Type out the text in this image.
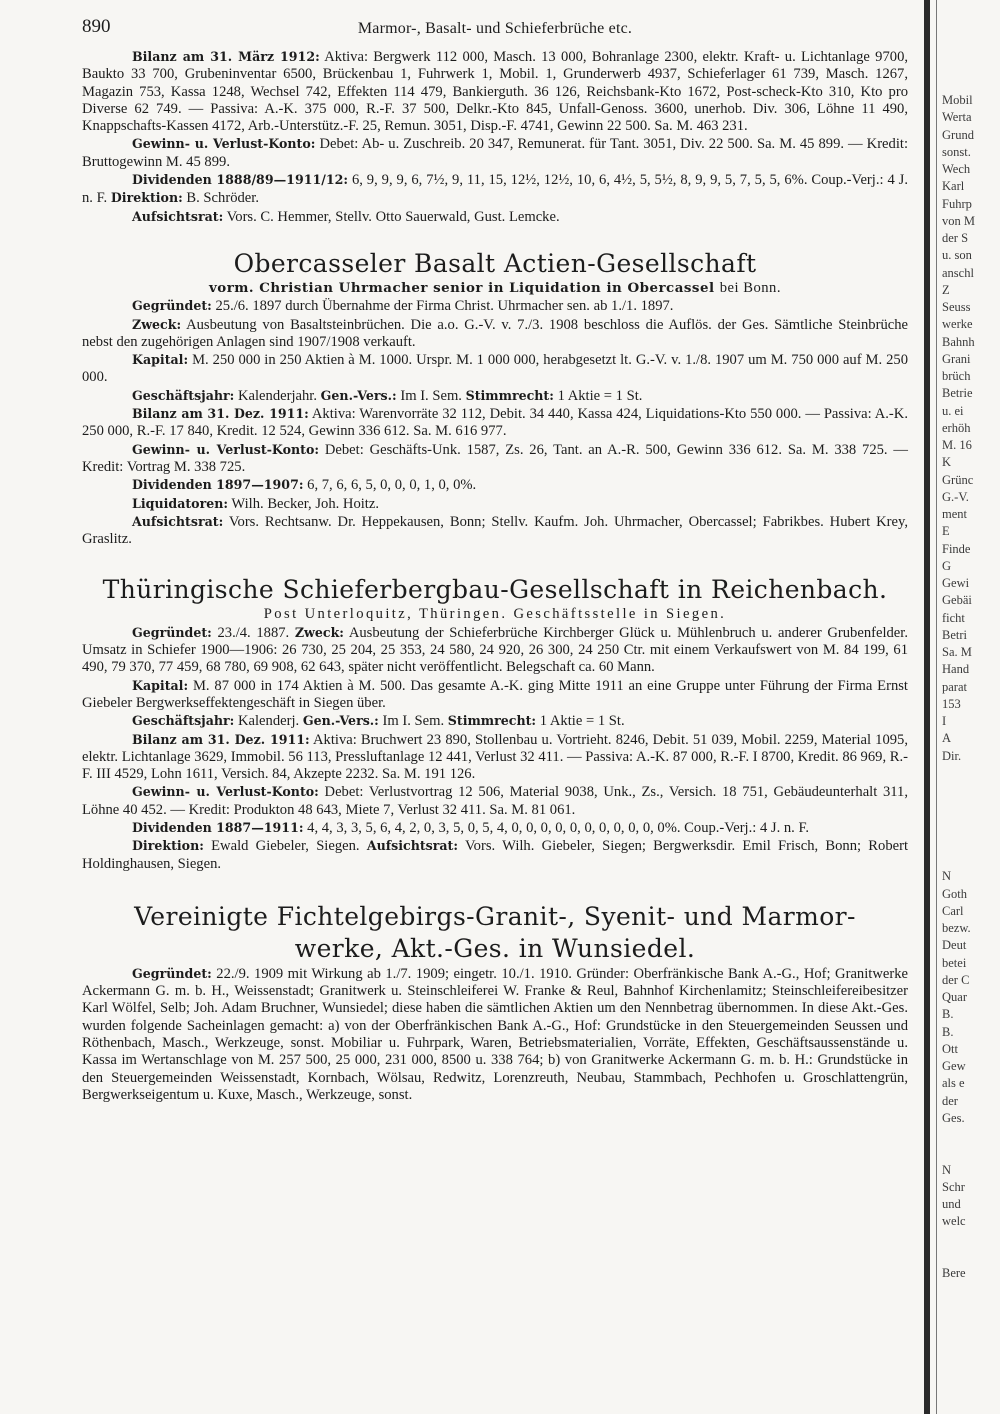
890	Marmor-, Basalt- und Schieferbrüche etc.

Bilanz am 31. März 1912: Aktiva: Bergwerk 112 000, Masch. 13 000, Bohranlage 2300, elektr. Kraft- u. Lichtanlage 9700, Baukto 33 700, Grubeninventar 6500, Brückenbau 1, Fuhrwerk 1, Mobil. 1, Grunderwerb 4937, Schieferlager 61 739, Masch. 1267, Magazin 753, Kassa 1248, Wechsel 742, Effekten 114 479, Bankierguth. 36 126, Reichsbank-Kto 1672, Post-scheck-Kto 310, Kto pro Diverse 62 749. — Passiva: A.-K. 375 000, R.-F. 37 500, Delkr.-Kto 845, Unfall-Genoss. 3600, unerhob. Div. 306, Löhne 11 490, Knappschafts-Kassen 4172, Arb.-Unterstütz.-F. 25, Remun. 3051, Disp.-F. 4741, Gewinn 22 500. Sa. M. 463 231.

Gewinn- u. Verlust-Konto: Debet: Ab- u. Zuschreib. 20 347, Remunerat. für Tant. 3051, Div. 22 500. Sa. M. 45 899. — Kredit: Bruttogewinn M. 45 899.

Dividenden 1888/89—1911/12: 6, 9, 9, 9, 6, 7½, 9, 11, 15, 12½, 12½, 10, 6, 4½, 5, 5½, 8, 9, 9, 5, 7, 5, 5, 6%. Coup.-Verj.: 4 J. n. F. Direktion: B. Schröder.

Aufsichtsrat: Vors. C. Hemmer, Stellv. Otto Sauerwald, Gust. Lemcke.

Obercasseler Basalt Actien-Gesellschaft

vorm. Christian Uhrmacher senior in Liquidation in Obercassel bei Bonn.

Gegründet: 25./6. 1897 durch Übernahme der Firma Christ. Uhrmacher sen. ab 1./1. 1897.

Zweck: Ausbeutung von Basaltsteinbrüchen. Die a.o. G.-V. v. 7./3. 1908 beschloss die Auflös. der Ges. Sämtliche Steinbrüche nebst den zugehörigen Anlagen sind 1907/1908 verkauft.

Kapital: M. 250 000 in 250 Aktien à M. 1000. Urspr. M. 1 000 000, herabgesetzt lt. G.-V. v. 1./8. 1907 um M. 750 000 auf M. 250 000.

Geschäftsjahr: Kalenderjahr. Gen.-Vers.: Im I. Sem. Stimmrecht: 1 Aktie = 1 St.

Bilanz am 31. Dez. 1911: Aktiva: Warenvorräte 32 112, Debit. 34 440, Kassa 424, Liquidations-Kto 550 000. — Passiva: A.-K. 250 000, R.-F. 17 840, Kredit. 12 524, Gewinn 336 612. Sa. M. 616 977.

Gewinn- u. Verlust-Konto: Debet: Geschäfts-Unk. 1587, Zs. 26, Tant. an A.-R. 500, Gewinn 336 612. Sa. M. 338 725. — Kredit: Vortrag M. 338 725.

Dividenden 1897—1907: 6, 7, 6, 6, 5, 0, 0, 0, 1, 0, 0%.

Liquidatoren: Wilh. Becker, Joh. Hoitz.

Aufsichtsrat: Vors. Rechtsanw. Dr. Heppekausen, Bonn; Stellv. Kaufm. Joh. Uhrmacher, Obercassel; Fabrikbes. Hubert Krey, Graslitz.

Thüringische Schieferbergbau-Gesellschaft in Reichenbach.

Post Unterloquitz, Thüringen. Geschäftsstelle in Siegen.

Gegründet: 23./4. 1887. Zweck: Ausbeutung der Schieferbrüche Kirchberger Glück u. Mühlenbruch u. anderer Grubenfelder. Umsatz in Schiefer 1900—1906: 26 730, 25 204, 25 353, 24 580, 24 920, 26 300, 24 250 Ctr. mit einem Verkaufswert von M. 84 199, 61 490, 79 370, 77 459, 68 780, 69 908, 62 643, später nicht veröffentlicht. Belegschaft ca. 60 Mann.

Kapital: M. 87 000 in 174 Aktien à M. 500. Das gesamte A.-K. ging Mitte 1911 an eine Gruppe unter Führung der Firma Ernst Giebeler Bergwerkseffektengeschäft in Siegen über.

Geschäftsjahr: Kalenderj. Gen.-Vers.: Im I. Sem. Stimmrecht: 1 Aktie = 1 St.

Bilanz am 31. Dez. 1911: Aktiva: Bruchwert 23 890, Stollenbau u. Vortrieht. 8246, Debit. 51 039, Mobil. 2259, Material 1095, elektr. Lichtanlage 3629, Immobil. 56 113, Pressluftanlage 12 441, Verlust 32 411. — Passiva: A.-K. 87 000, R.-F. I 8700, Kredit. 86 969, R.-F. III 4529, Lohn 1611, Versich. 84, Akzepte 2232. Sa. M. 191 126.

Gewinn- u. Verlust-Konto: Debet: Verlustvortrag 12 506, Material 9038, Unk., Zs., Versich. 18 751, Gebäudeunterhalt 311, Löhne 40 452. — Kredit: Produkton 48 643, Miete 7, Verlust 32 411. Sa. M. 81 061.

Dividenden 1887—1911: 4, 4, 3, 3, 5, 6, 4, 2, 0, 3, 5, 0, 5, 4, 0, 0, 0, 0, 0, 0, 0, 0, 0, 0, 0%. Coup.-Verj.: 4 J. n. F.

Direktion: Ewald Giebeler, Siegen. Aufsichtsrat: Vors. Wilh. Giebeler, Siegen; Bergwerksdir. Emil Frisch, Bonn; Robert Holdinghausen, Siegen.

Vereinigte Fichtelgebirgs-Granit-, Syenit- und Marmor-
werke, Akt.-Ges. in Wunsiedel.

Gegründet: 22./9. 1909 mit Wirkung ab 1./7. 1909; eingetr. 10./1. 1910. Gründer: Oberfränkische Bank A.-G., Hof; Granitwerke Ackermann G. m. b. H., Weissenstadt; Granitwerk u. Steinschleiferei W. Franke & Reul, Bahnhof Kirchenlamitz; Steinschleifereibesitzer Karl Wölfel, Selb; Joh. Adam Bruchner, Wunsiedel; diese haben die sämtlichen Aktien um den Nennbetrag übernommen. In diese Akt.-Ges. wurden folgende Sacheinlagen gemacht: a) von der Oberfränkischen Bank A.-G., Hof: Grundstücke in den Steuergemeinden Seussen und Röthenbach, Masch., Werkzeuge, sonst. Mobiliar u. Fuhrpark, Waren, Betriebsmaterialien, Vorräte, Effekten, Geschäftsaussenstände u. Kassa im Wertanschlage von M. 257 500, 25 000, 231 000, 8500 u. 338 764; b) von Granitwerke Ackermann G. m. b. H.: Grundstücke in den Steuergemeinden Weissenstadt, Kornbach, Wölsau, Redwitz, Lorenzreuth, Neubau, Stammbach, Pechhofen u. Groschlattengrün, Bergwerkseigentum u. Kuxe, Masch., Werkzeuge, sonst.

Mobil
Werta
Grund
sonst.
Wech
Karl
Fuhrp
von M
der S
u. son
anschl
Z
Seuss
werke
Bahnh
Grani
brüch
Betrie
u. ei
erhöh
M. 16
K
Grünc
G.-V.
ment
E
Finde
G
Gewi
Gebäi
ficht
Betri
Sa. M
Hand
parat
153
I
A
Dir.
N
Goth
Carl
bezw.
Deut
betei
der C
Quar
B.
B.
Ott
Gew
als e
der
Ges.
N
Schr
und
welc
Bere
